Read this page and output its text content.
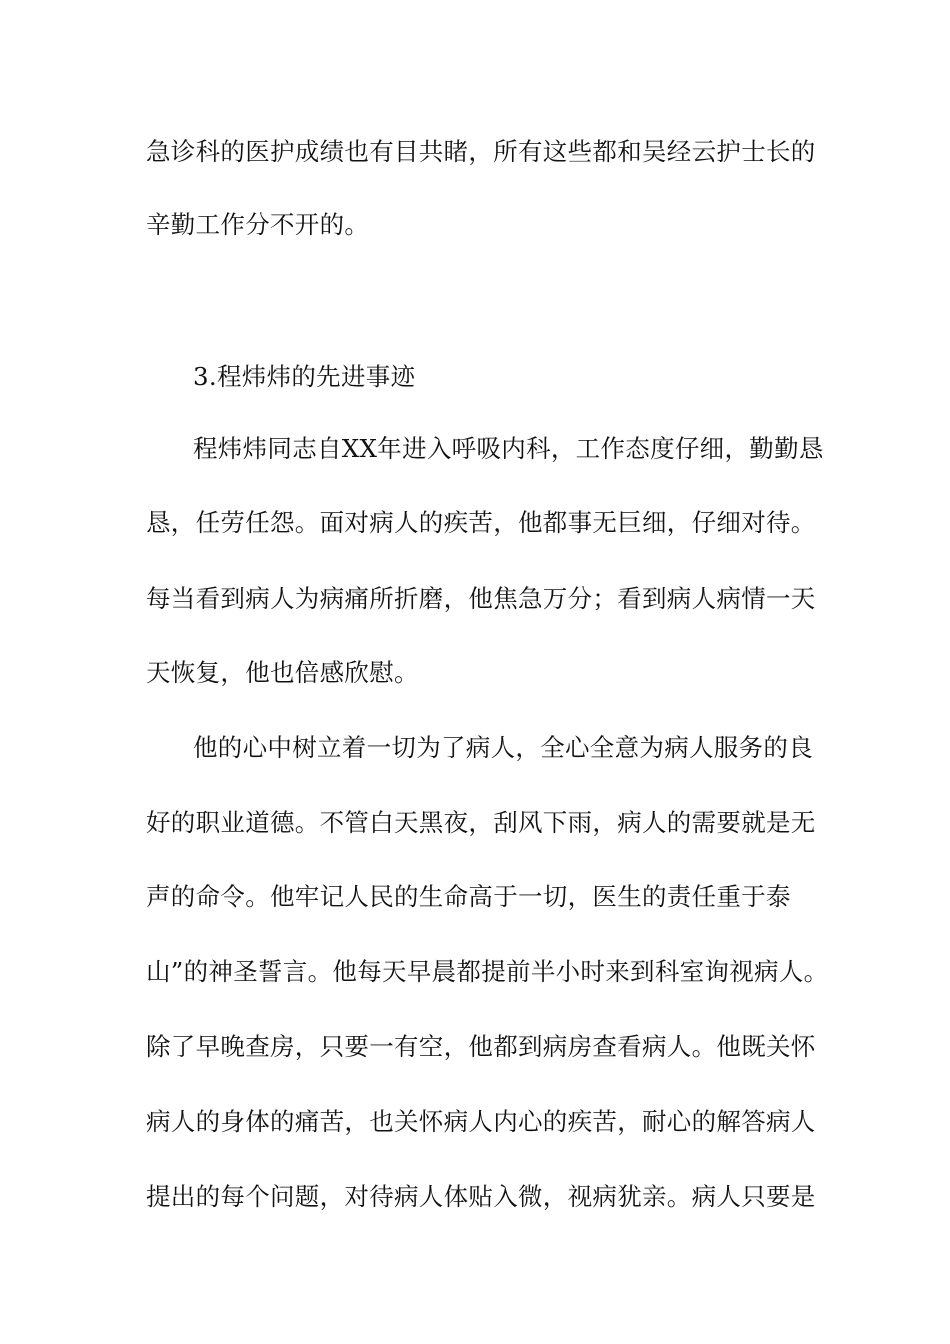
急诊科的医护成绩也有目共睹，所有这些都和吴经云护士长的
辛勤工作分不开的。
3.程炜炜的先进事迹
程炜炜同志自XX年进入呼吸内科，工作态度仔细，勤勤恳
恳，任劳任怨。面对病人的疾苦，他都事无巨细，仔细对待。
每当看到病人为病痛所折磨，他焦急万分；看到病人病情一天
天恢复，他也倍感欣慰。
他的心中树立着一切为了病人，全心全意为病人服务的良
好的职业道德。不管白天黑夜，刮风下雨，病人的需要就是无
声的命令。他牢记人民的生命高于一切，医生的责任重于泰
山”的神圣誓言。他每天早晨都提前半小时来到科室询视病人。
除了早晚查房，只要一有空，他都到病房查看病人。他既关怀
病人的身体的痛苦，也关怀病人内心的疾苦，耐心的解答病人
提出的每个问题，对待病人体贴入微，视病犹亲。病人只要是
